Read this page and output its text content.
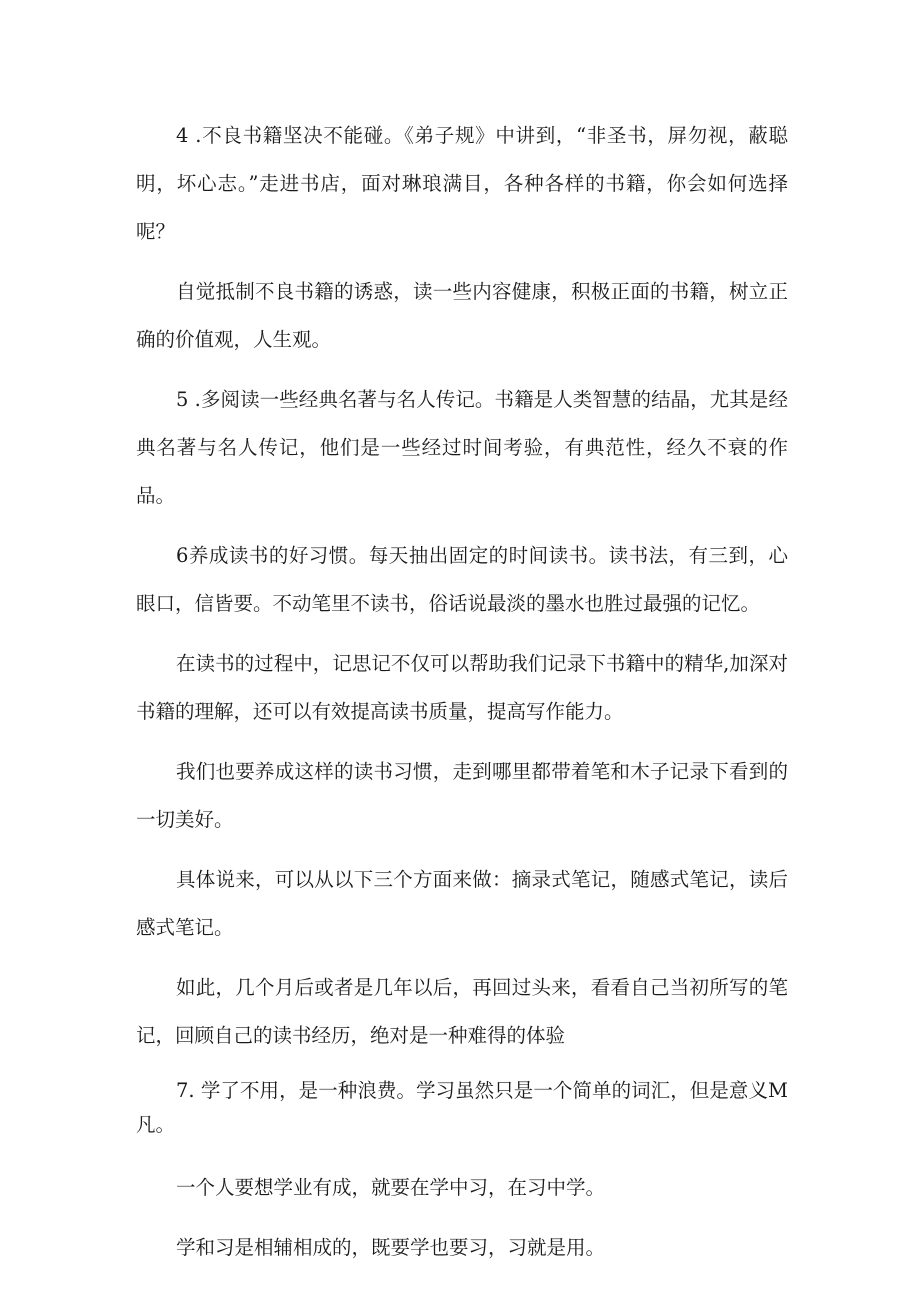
4 .不良书籍坚决不能碰。《弟子规》中讲到，“非圣书，屏勿视，蔽聪明，坏心志。”走进书店，面对琳琅满目，各种各样的书籍，你会如何选择呢？

自觉抵制不良书籍的诱惑，读一些内容健康，积极正面的书籍，树立正确的价值观，人生观。

5 .多阅读一些经典名著与名人传记。书籍是人类智慧的结晶，尤其是经典名著与名人传记，他们是一些经过时间考验，有典范性，经久不衰的作品。

6养成读书的好习惯。每天抽出固定的时间读书。读书法，有三到，心眼口，信皆要。不动笔里不读书，俗话说最淡的墨水也胜过最强的记忆。

在读书的过程中，记思记不仅可以帮助我们记录下书籍中的精华,加深对书籍的理解，还可以有效提高读书质量，提高写作能力。

我们也要养成这样的读书习惯，走到哪里都带着笔和木子记录下看到的一切美好。

具体说来，可以从以下三个方面来做：摘录式笔记，随感式笔记，读后感式笔记。

如此，几个月后或者是几年以后，再回过头来，看看自己当初所写的笔记，回顾自己的读书经历，绝对是一种难得的体验

7. 学了不用，是一种浪费。学习虽然只是一个简单的词汇，但是意义M凡。

一个人要想学业有成，就要在学中习，在习中学。

学和习是相辅相成的，既要学也要习，习就是用。
